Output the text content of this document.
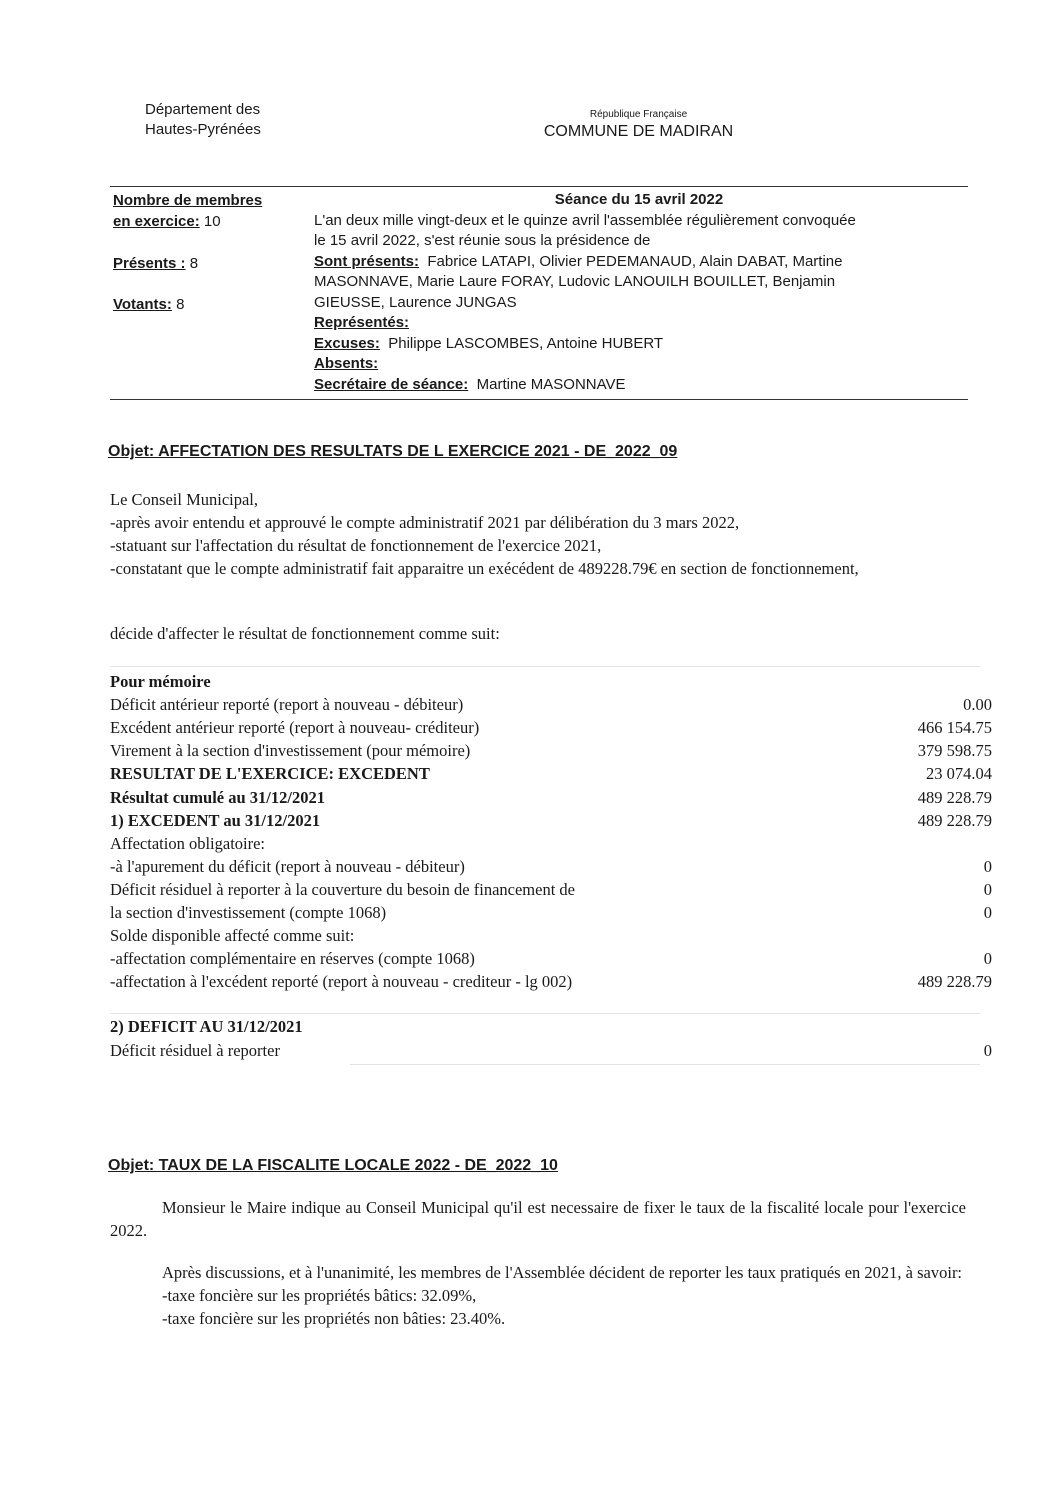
Département des
Hautes-Pyrénées
République Française
COMMUNE DE MADIRAN
Nombre de membres
en exercice: 10
Présents : 8
Votants: 8
Séance du 15 avril 2022
L'an deux mille vingt-deux et le quinze avril l'assemblée régulièrement convoquée
le 15 avril 2022, s'est réunie sous la présidence de
Sont présents: Fabrice LATAPI, Olivier PEDEMANAUD, Alain DABAT, Martine
MASONNAVE, Marie Laure FORAY, Ludovic LANOUILH BOUILLET, Benjamin
GIEUSSE, Laurence JUNGAS
Représentés:
Excuses: Philippe LASCOMBES, Antoine HUBERT
Absents:
Secrétaire de séance: Martine MASONNAVE
Objet: AFFECTATION DES RESULTATS DE L EXERCICE 2021 - DE_2022_09

Le Conseil Municipal,

-après avoir entendu et approuvé le compte administratif 2021 par délibération du 3 mars 2022,

-statuant sur l'affectation du résultat de fonctionnement de l'exercice 2021,

-constatant que le compte administratif fait apparaitre un exécédent de 489228.79€ en section de fonctionnement,

décide d'affecter le résultat de fonctionnement comme suit:
Pour mémoire
Déficit antérieur reporté (report à nouveau - débiteur)	0.00
Excédent antérieur reporté (report à nouveau- créditeur)	466 154.75
Virement à la section d'investissement (pour mémoire)	379 598.75
RESULTAT DE L'EXERCICE: EXCEDENT	23 074.04
Résultat cumulé au 31/12/2021	489 228.79
1) EXCEDENT au 31/12/2021	489 228.79
Affectation obligatoire:
-à l'apurement du déficit (report à nouveau - débiteur)	0
Déficit résiduel à reporter à la couverture du besoin de financement de	0
la section d'investissement (compte 1068)	0
Solde disponible affecté comme suit:
-affectation complémentaire en réserves (compte 1068)	0
-affectation à l'excédent reporté (report à nouveau - crediteur - lg 002)	489 228.79
2) DEFICIT AU 31/12/2021
Déficit résiduel à reporter	0
Objet: TAUX DE LA FISCALITE LOCALE 2022 - DE_2022_10

Monsieur le Maire indique au Conseil Municipal qu'il est necessaire de fixer le taux de la fiscalité locale pour l'exercice 2022.

Après discussions, et à l'unanimité, les membres de l'Assemblée décident de reporter les taux pratiqués en 2021, à savoir:

-taxe foncière sur les propriétés bâtics: 32.09%,

-taxe foncière sur les propriétés non bâties: 23.40%.
